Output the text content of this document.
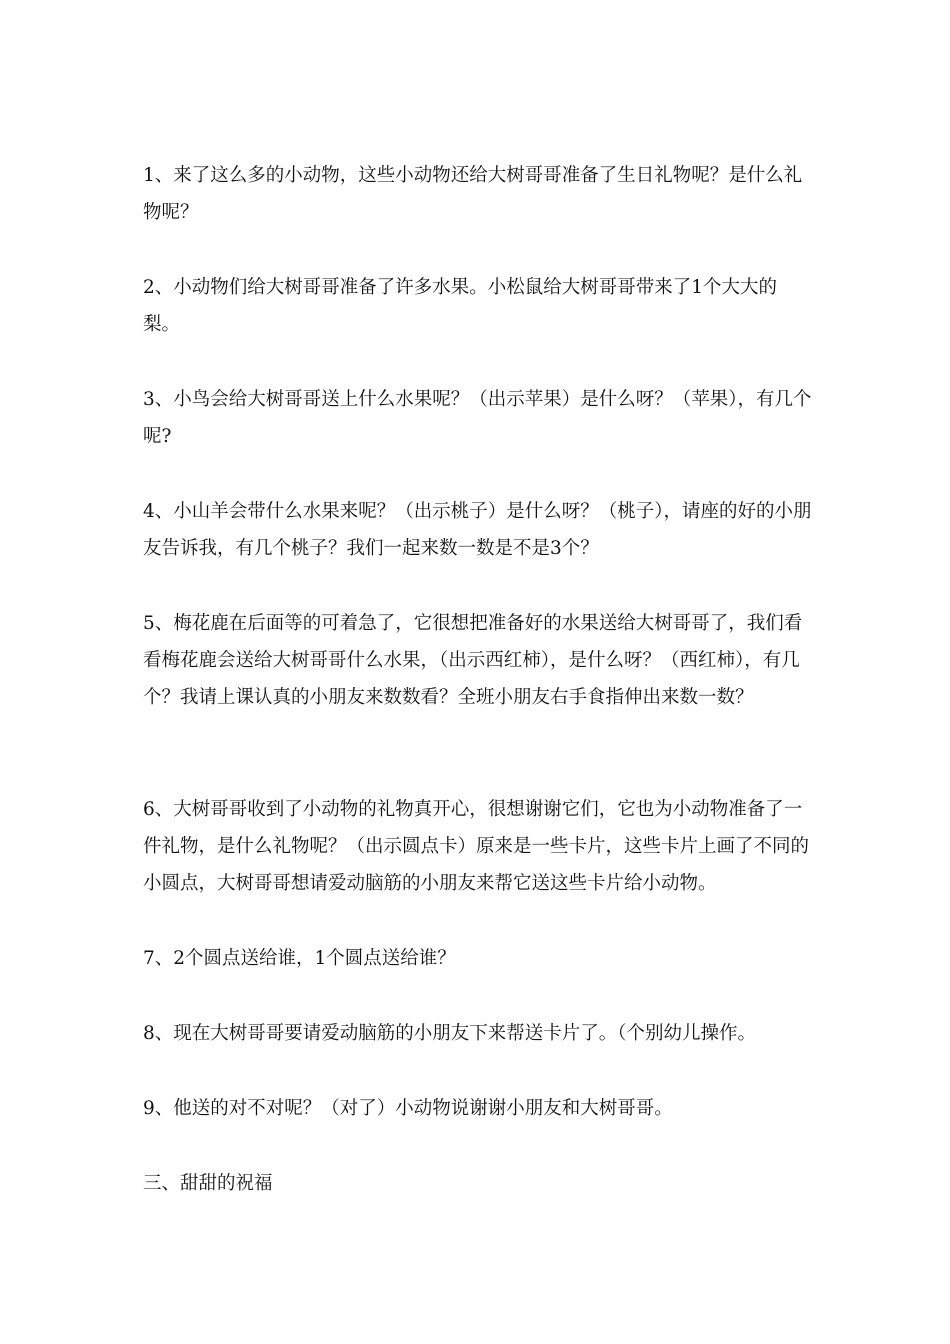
1、来了这么多的小动物，这些小动物还给大树哥哥准备了生日礼物呢？是什么礼物呢？

2、小动物们给大树哥哥准备了许多水果。小松鼠给大树哥哥带来了1个大大的梨。

3、小鸟会给大树哥哥送上什么水果呢？（出示苹果）是什么呀？（苹果），有几个呢?

4、小山羊会带什么水果来呢？（出示桃子）是什么呀？（桃子），请座的好的小朋友告诉我，有几个桃子？我们一起来数一数是不是3个？

5、梅花鹿在后面等的可着急了，它很想把准备好的水果送给大树哥哥了，我们看看梅花鹿会送给大树哥哥什么水果，（出示西红柿），是什么呀？（西红柿），有几个？我请上课认真的小朋友来数数看？全班小朋友右手食指伸出来数一数？

6、大树哥哥收到了小动物的礼物真开心，很想谢谢它们，它也为小动物准备了一件礼物，是什么礼物呢？（出示圆点卡）原来是一些卡片，这些卡片上画了不同的小圆点，大树哥哥想请爱动脑筋的小朋友来帮它送这些卡片给小动物。

7、2个圆点送给谁，1个圆点送给谁？

8、现在大树哥哥要请爱动脑筋的小朋友下来帮送卡片了。（个别幼儿操作。

9、他送的对不对呢？（对了）小动物说谢谢小朋友和大树哥哥。

三、甜甜的祝福
